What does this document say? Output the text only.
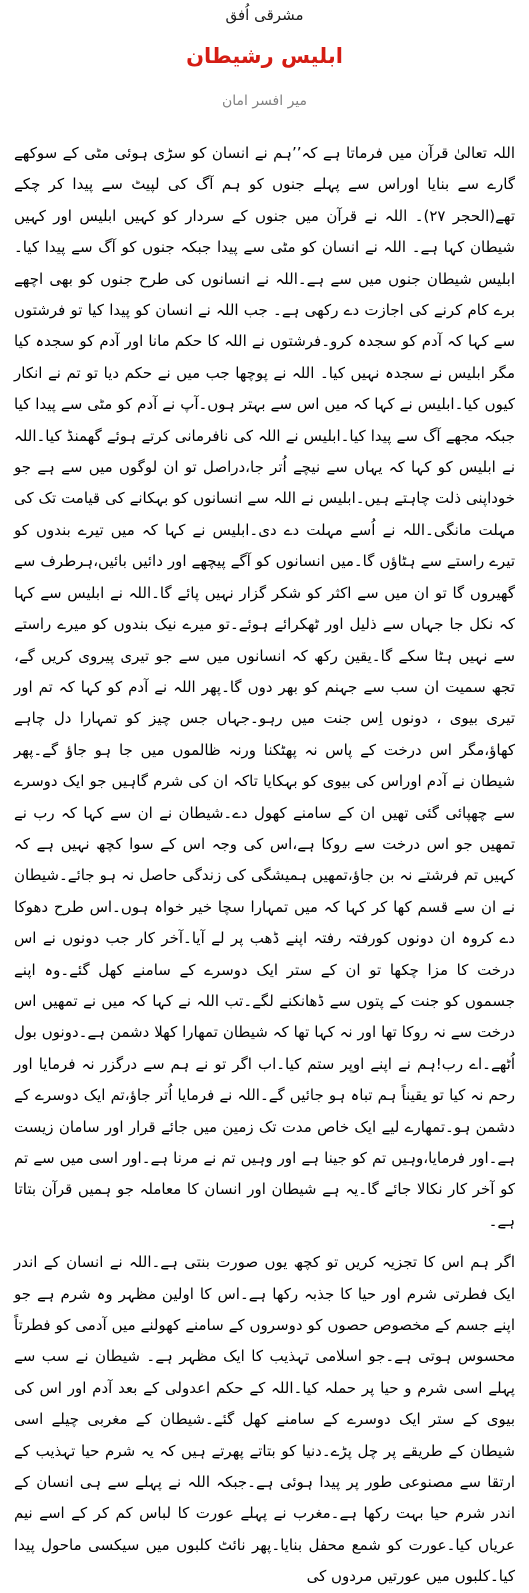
مشرقی اُفق
ابلیس رشیطان
میر افسر امان

اللہ تعالیٰ قرآن میں فرماتا ہے کہ’’ہم نے انسان کو سڑی ہوئی مٹی کے سوکھے گارے سے بنایا اوراس سے پہلے جنوں کو ہم آگ کی لپیٹ سے پیدا کر چکے تھے(الحجر ۲۷)۔ اللہ نے قرآن میں جنوں کے سردار کو کہیں ابلیس اور کہیں شیطان کہا ہے۔ اللہ نے انسان کو مٹی سے پیدا جبکہ جنوں کو آگ سے پیدا کیا۔ ابلیس شیطان جنوں میں سے ہے۔اللہ نے انسانوں کی طرح جنوں کو بھی اچھے برے کام کرنے کی اجازت دے رکھی ہے۔ جب اللہ نے انسان کو پیدا کیا تو فرشتوں سے کہا کہ آدم کو سجدہ کرو۔فرشتوں نے اللہ کا حکم مانا اور آدم کو سجدہ کیا مگر ابلیس نے سجدہ نہیں کیا۔ اللہ نے پوچھا جب میں نے حکم دیا تو تم نے انکار کیوں کیا۔ابلیس نے کہا کہ میں اس سے بہتر ہوں۔آپ نے آدم کو مٹی سے پیدا کیا جبکہ مجھے آگ سے پیدا کیا۔ابلیس نے اللہ کی نافرمانی کرتے ہوئے گھمنڈ کیا۔اللہ نے ابلیس کو کہا کہ یہاں سے نیچے اُتر جا،دراصل تو ان لوگوں میں سے ہے جو خوداپنی ذلت چاہتے ہیں۔ابلیس نے اللہ سے انسانوں کو بہکانے کی قیامت تک کی مہلت مانگی۔اللہ نے اُسے مہلت دے دی۔ابلیس نے کہا کہ میں تیرے بندوں کو تیرے راستے سے ہٹاؤں گا۔میں انسانوں کو آگے پیچھے اور دائیں بائیں،ہرطرف سے گھیروں گا تو ان میں سے اکثر کو شکر گزار نہیں پائے گا۔اللہ نے ابلیس سے کہا کہ نکل جا جہاں سے ذلیل اور ٹھکرائے ہوئے۔تو میرے نیک بندوں کو میرے راستے سے نہیں ہٹا سکے گا۔یقین رکھ کہ انسانوں میں سے جو تیری پیروی کریں گے، تجھ سمیت ان سب سے جہنم کو بھر دوں گا۔پھر اللہ نے آدم کو کہا کہ تم اور تیری بیوی ، دونوں اِس جنت میں رہو۔جہاں جس چیز کو تمہارا دل چاہے کھاؤ،مگر اس درخت کے پاس نہ پھٹکنا ورنہ ظالموں میں جا ہو جاؤ گے۔پھر شیطان نے آدم اوراس کی بیوی کو بہکایا تاکہ ان کی شرم گاہیں جو ایک دوسرے سے چھپائی گئی تھیں ان کے سامنے کھول دے۔شیطان نے ان سے کہا کہ رب نے تمھیں جو اس درخت سے روکا ہے،اس کی وجہ اس کے سوا کچھ نہیں ہے کہ کہیں تم فرشتے نہ بن جاؤ،تمھیں ہمیشگی کی زندگی حاصل نہ ہو جائے۔شیطان نے ان سے قسم کھا کر کہا کہ میں تمہارا سچا خیر خواہ ہوں۔اس طرح دھوکا دے کروہ ان دونوں کورفتہ رفتہ اپنے ڈھب پر لے آیا۔آخر کار جب دونوں نے اس درخت کا مزا چکھا تو ان کے ستر ایک دوسرے کے سامنے کھل گئے۔وہ اپنے جسموں کو جنت کے پتوں سے ڈھانکنے لگے۔تب اللہ نے کہا کہ میں نے تمھیں اس درخت سے نہ روکا تھا اور نہ کہا تھا کہ شیطان تمھارا کھلا دشمن ہے۔دونوں بول اُٹھے۔اے رب!ہم نے اپنے اوپر ستم کیا۔اب اگر تو نے ہم سے درگزر نہ فرمایا اور رحم نہ کیا تو یقیناً ہم تباہ ہو جائیں گے۔اللہ نے فرمایا اُتر جاؤ،تم ایک دوسرے کے دشمن ہو۔تمھارے لیے ایک خاص مدت تک زمین میں جائے قرار اور سامان زیست ہے۔اور فرمایا،وہیں تم کو جینا ہے اور وہیں تم نے مرنا ہے۔اور اسی میں سے تم کو آخر کار نکالا جائے گا۔یہ ہے شیطان اور انسان کا معاملہ جو ہمیں قرآن بتاتا ہے۔

اگر ہم اس کا تجزیہ کریں تو کچھ یوں صورت بنتی ہے۔اللہ نے انسان کے اندر ایک فطرتی شرم اور حیا کا جذبہ رکھا ہے۔اس کا اولین مظہر وہ شرم ہے جو اپنے جسم کے مخصوص حصوں کو دوسروں کے سامنے کھولنے میں آدمی کو فطرتاً محسوس ہوتی ہے۔جو اسلامی تہذیب کا ایک مظہر ہے۔ شیطان نے سب سے پہلے اسی شرم و حیا پر حملہ کیا۔اللہ کے حکم اعدولی کے بعد آدم اور اس کی بیوی کے ستر ایک دوسرے کے سامنے کھل گئے۔شیطان کے مغربی چیلے اسی شیطان کے طریقے پر چل پڑے۔دنیا کو بتاتے پھرتے ہیں کہ یہ شرم حیا تہذیب کے ارتقا سے مصنوعی طور پر پیدا ہوئی ہے۔جبکہ اللہ نے پہلے سے ہی انسان کے اندر شرم حیا بہت رکھا ہے۔مغرب نے پہلے عورت کا لباس کم کر کے اسے نیم عریاں کیا۔عورت کو شمع محفل بنایا۔پھر نائٹ کلبوں میں سیکسی ماحول پیدا کیا۔کلبوں میں عورتیں مردوں کی
